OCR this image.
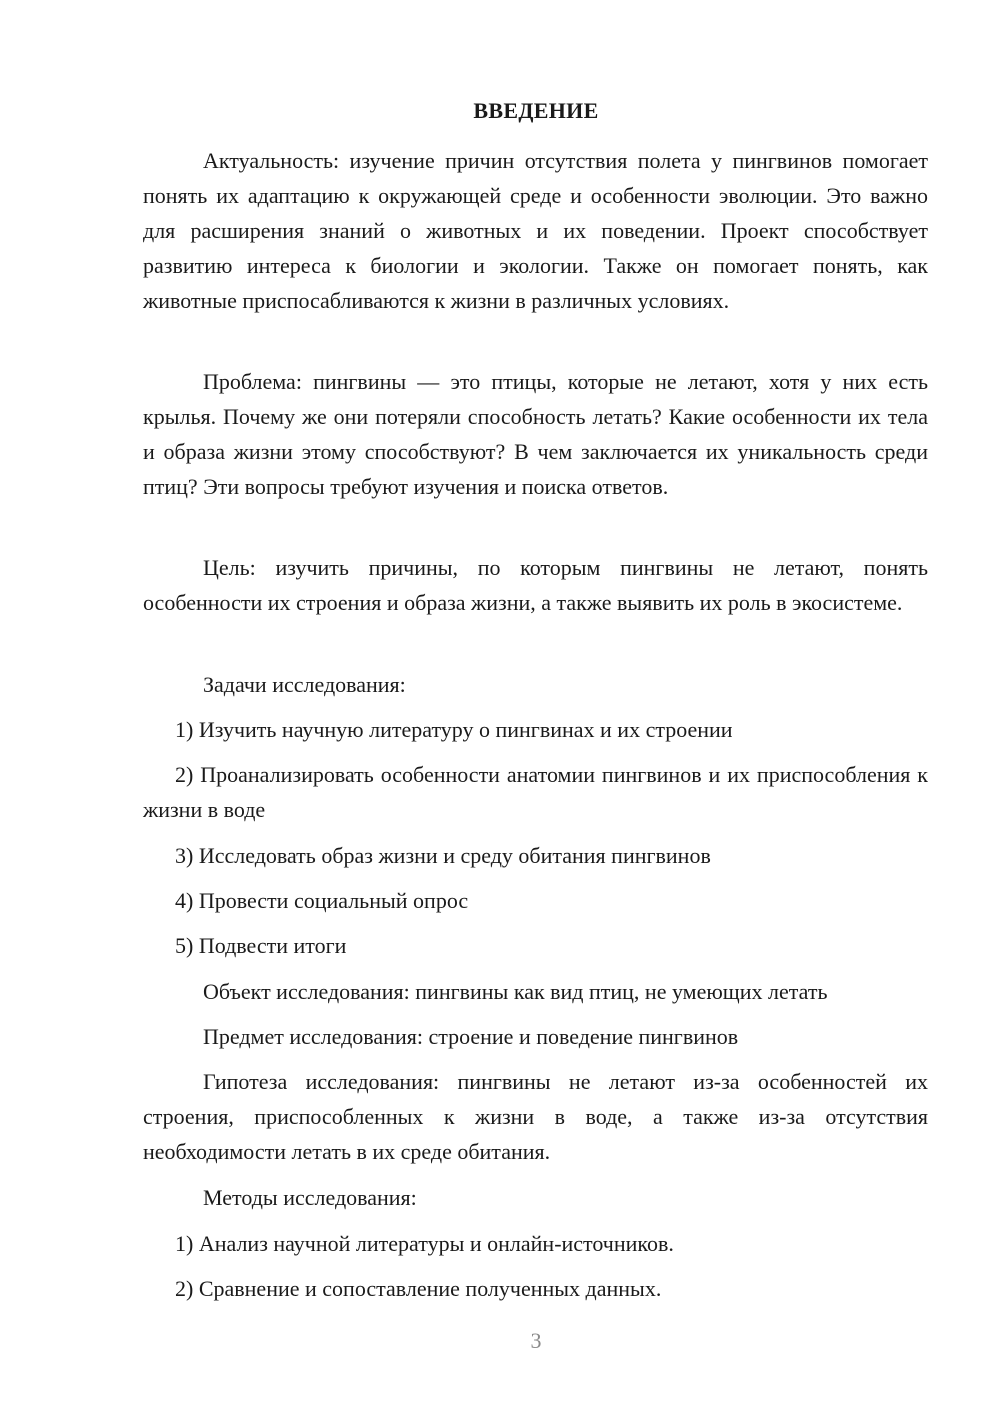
ВВЕДЕНИЕ

Актуальность: изучение причин отсутствия полета у пингвинов помогает понять их адаптацию к окружающей среде и особенности эволюции. Это важно для расширения знаний о животных и их поведении. Проект способствует развитию интереса к биологии и экологии. Также он помогает понять, как животные приспосабливаются к жизни в различных условиях.

Проблема: пингвины — это птицы, которые не летают, хотя у них есть крылья. Почему же они потеряли способность летать? Какие особенности их тела и образа жизни этому способствуют? В чем заключается их уникальность среди птиц? Эти вопросы требуют изучения и поиска ответов.

Цель: изучить причины, по которым пингвины не летают, понять особенности их строения и образа жизни, а также выявить их роль в экосистеме.

Задачи исследования:

1) Изучить научную литературу о пингвинах и их строении

2) Проанализировать особенности анатомии пингвинов и их приспособления к жизни в воде

3) Исследовать образ жизни и среду обитания пингвинов

4) Провести социальный опрос

5) Подвести итоги

Объект исследования: пингвины как вид птиц, не умеющих летать

Предмет исследования: строение и поведение пингвинов

Гипотеза исследования: пингвины не летают из-за особенностей их строения, приспособленных к жизни в воде, а также из-за отсутствия необходимости летать в их среде обитания.

Методы исследования:

1) Анализ научной литературы и онлайн-источников.

2) Сравнение и сопоставление полученных данных.

3
